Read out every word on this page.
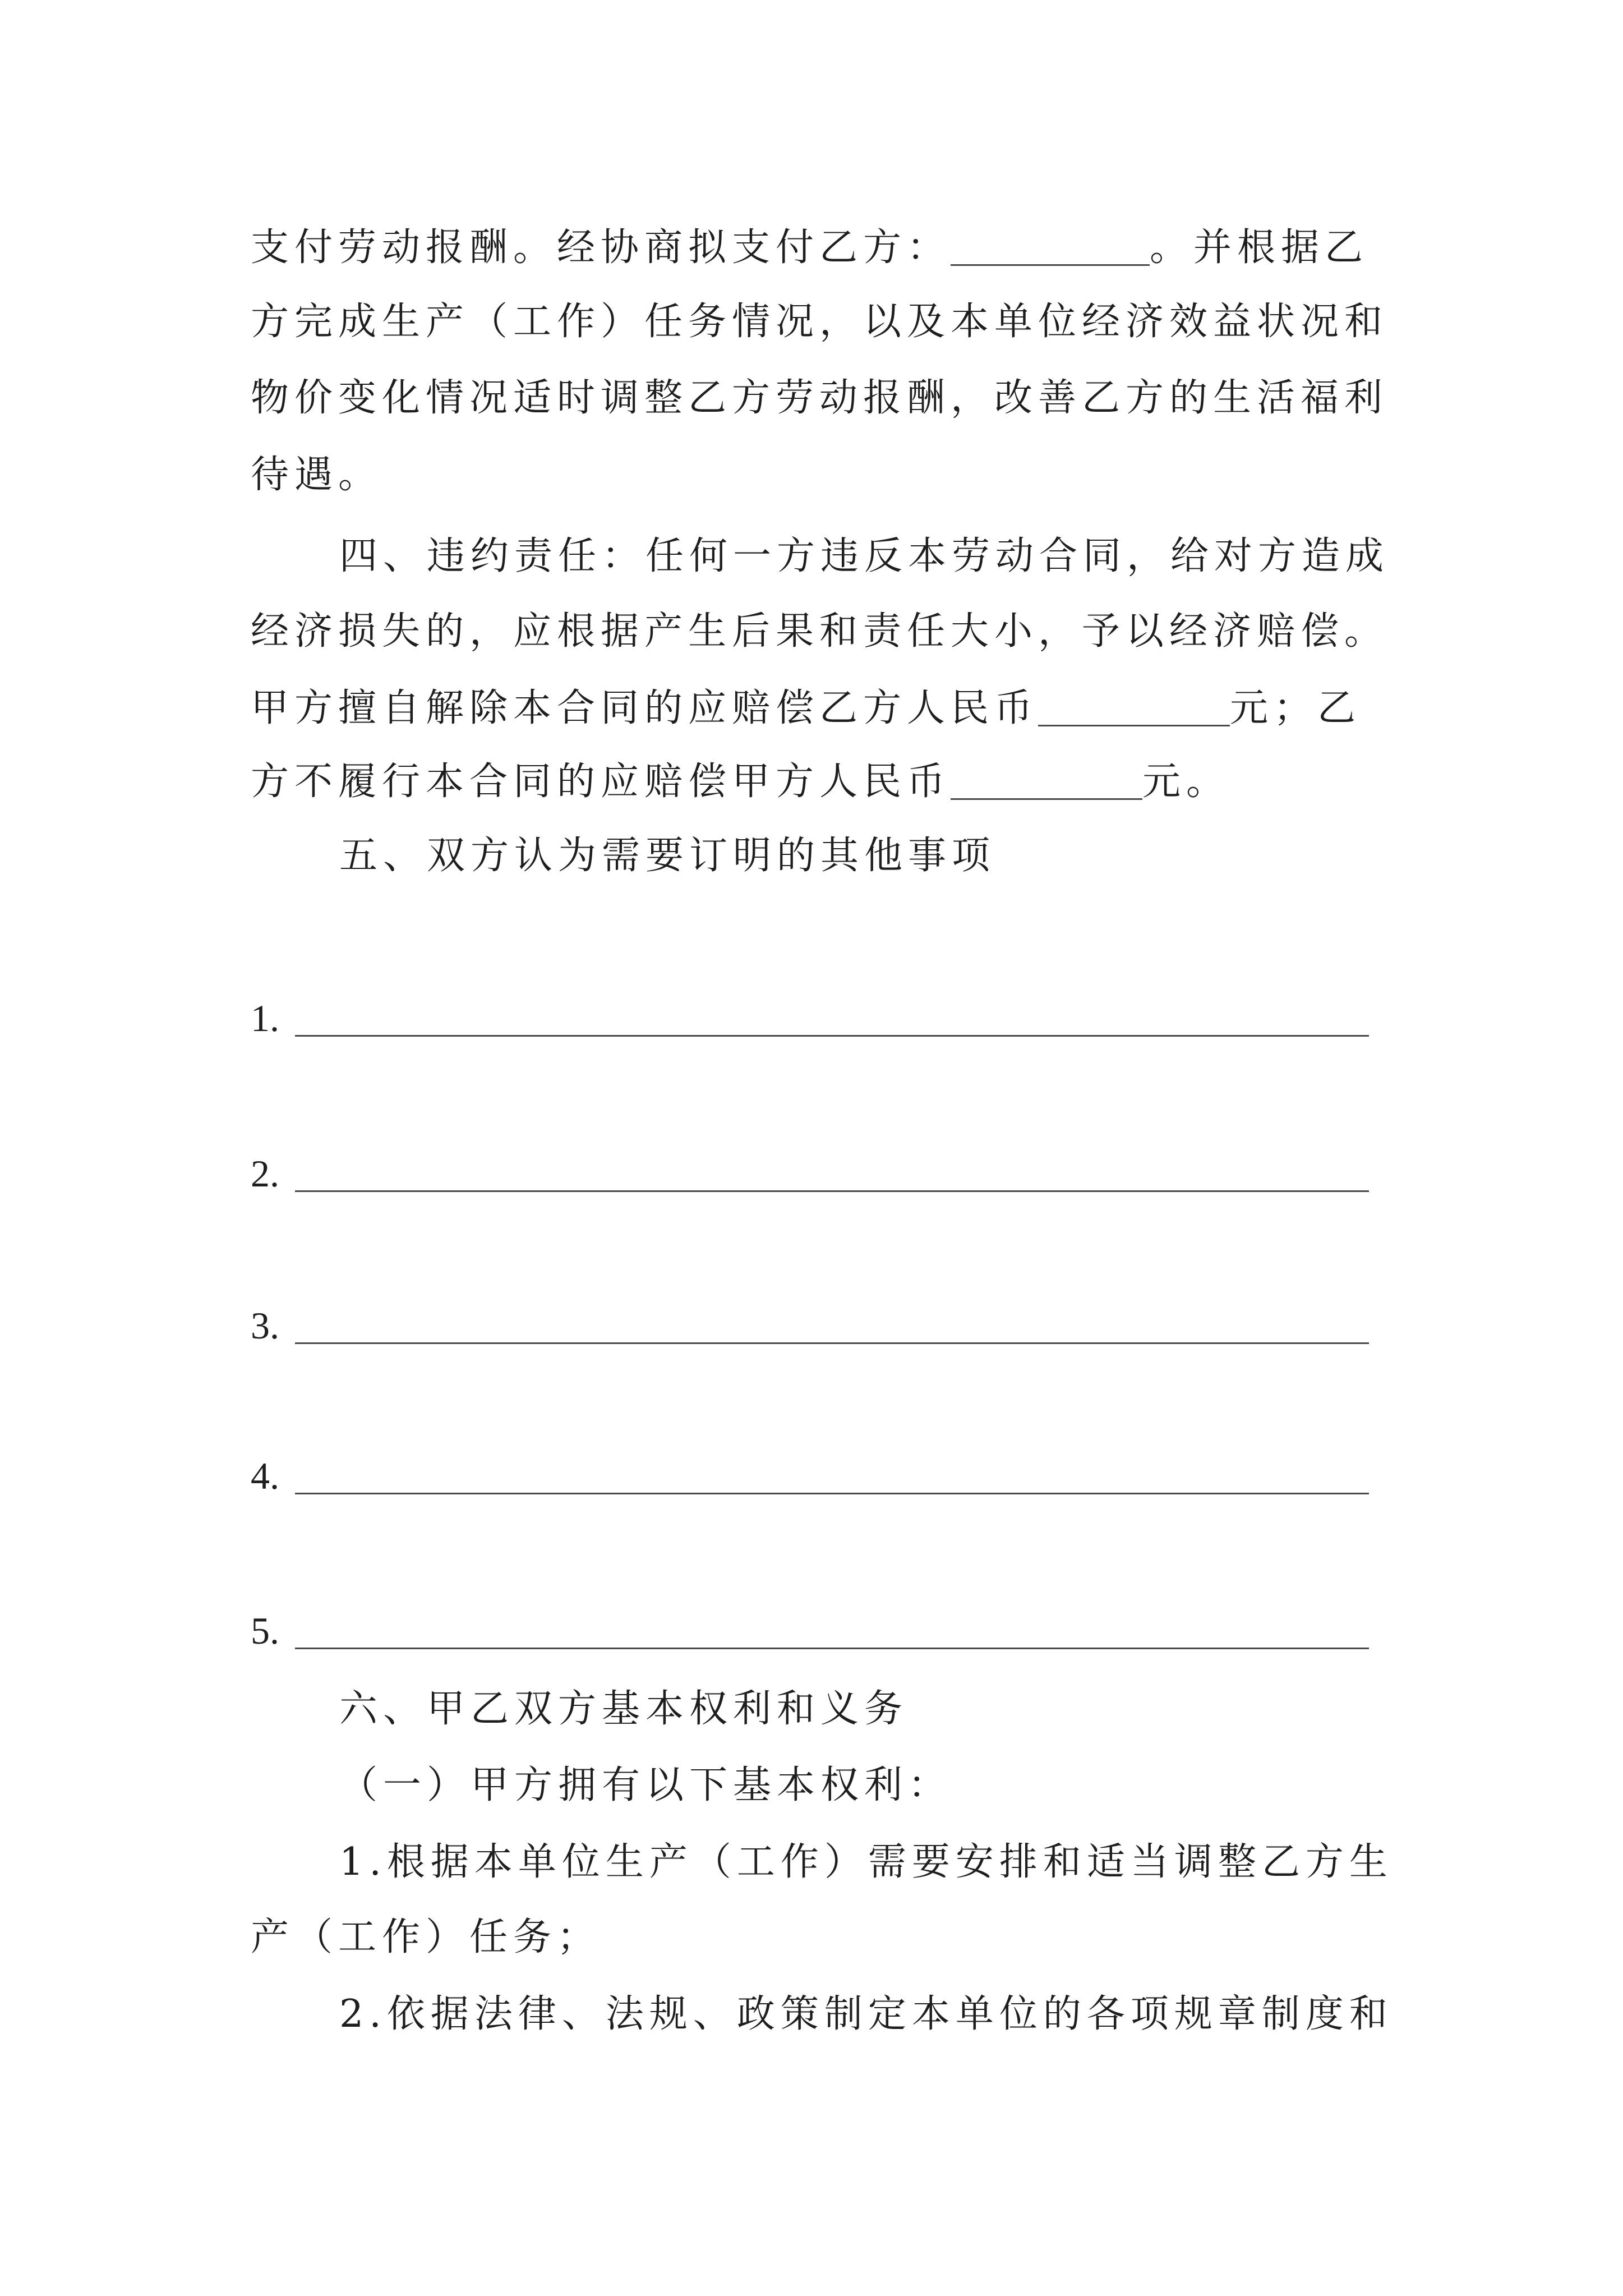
支付劳动报酬。经协商拟支付乙方：	。并根据乙
方完成生产（工作）任务情况，以及本单位经济效益状况和
物价变化情况适时调整乙方劳动报酬，改善乙方的生活福利
待遇。
四、违约责任：任何一方违反本劳动合同，给对方造成
经济损失的，应根据产生后果和责任大小，予以经济赔偿。
甲方擅自解除本合同的应赔偿乙方人民币	元；乙
方不履行本合同的应赔偿甲方人民币	元。
五、双方认为需要订明的其他事项
1.
2.
3.
4.
5.
六、甲乙双方基本权利和义务
（一）甲方拥有以下基本权利：
1.根据本单位生产（工作）需要安排和适当调整乙方生
产（工作）任务；
2.依据法律、法规、政策制定本单位的各项规章制度和
